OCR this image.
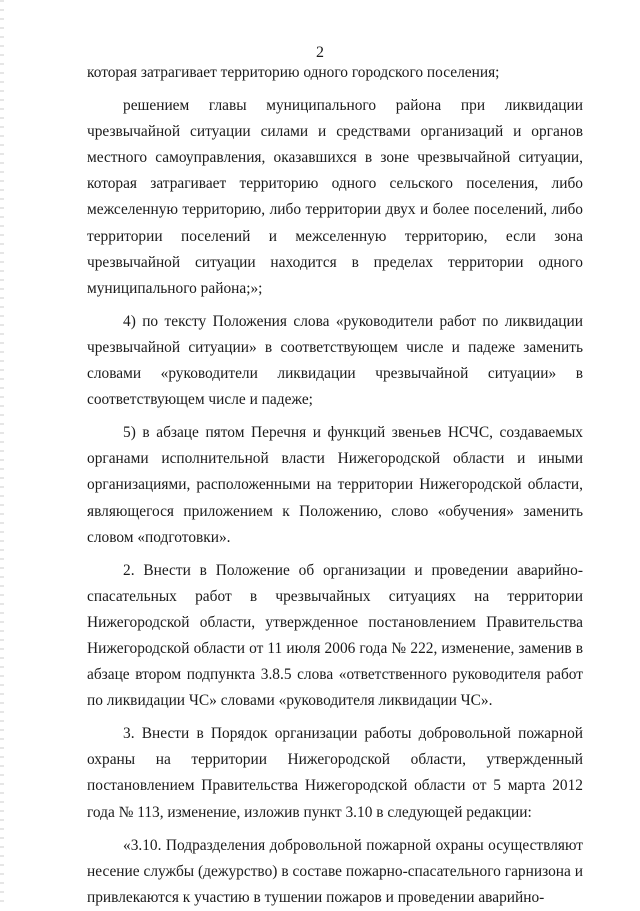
2

которая затрагивает территорию одного городского поселения;

решением главы муниципального района при ликвидации чрезвычайной ситуации силами и средствами организаций и органов местного самоуправления, оказавшихся в зоне чрезвычайной ситуации, которая затрагивает территорию одного сельского поселения, либо межселенную территорию, либо территории двух и более поселений, либо территории поселений и межселенную территорию, если зона чрезвычайной ситуации находится в пределах территории одного муниципального района;»;

4) по тексту Положения слова «руководители работ по ликвидации чрезвычайной ситуации» в соответствующем числе и падеже заменить словами «руководители ликвидации чрезвычайной ситуации» в соответствующем числе и падеже;

5) в абзаце пятом Перечня и функций звеньев НСЧС, создаваемых органами исполнительной власти Нижегородской области и иными организациями, расположенными на территории Нижегородской области, являющегося приложением к Положению, слово «обучения» заменить словом «подготовки».

2. Внести в Положение об организации и проведении аварийно-спасательных работ в чрезвычайных ситуациях на территории Нижегородской области, утвержденное постановлением Правительства Нижегородской области от 11 июля 2006 года № 222, изменение, заменив в абзаце втором подпункта 3.8.5 слова «ответственного руководителя работ по ликвидации ЧС» словами «руководителя ликвидации ЧС».

3. Внести в Порядок организации работы добровольной пожарной охраны на территории Нижегородской области, утвержденный постановлением Правительства Нижегородской области от 5 марта 2012 года № 113, изменение, изложив пункт 3.10 в следующей редакции:

«3.10. Подразделения добровольной пожарной охраны осуществляют несение службы (дежурство) в составе пожарно-спасательного гарнизона и привлекаются к участию в тушении пожаров и проведении аварийно-
